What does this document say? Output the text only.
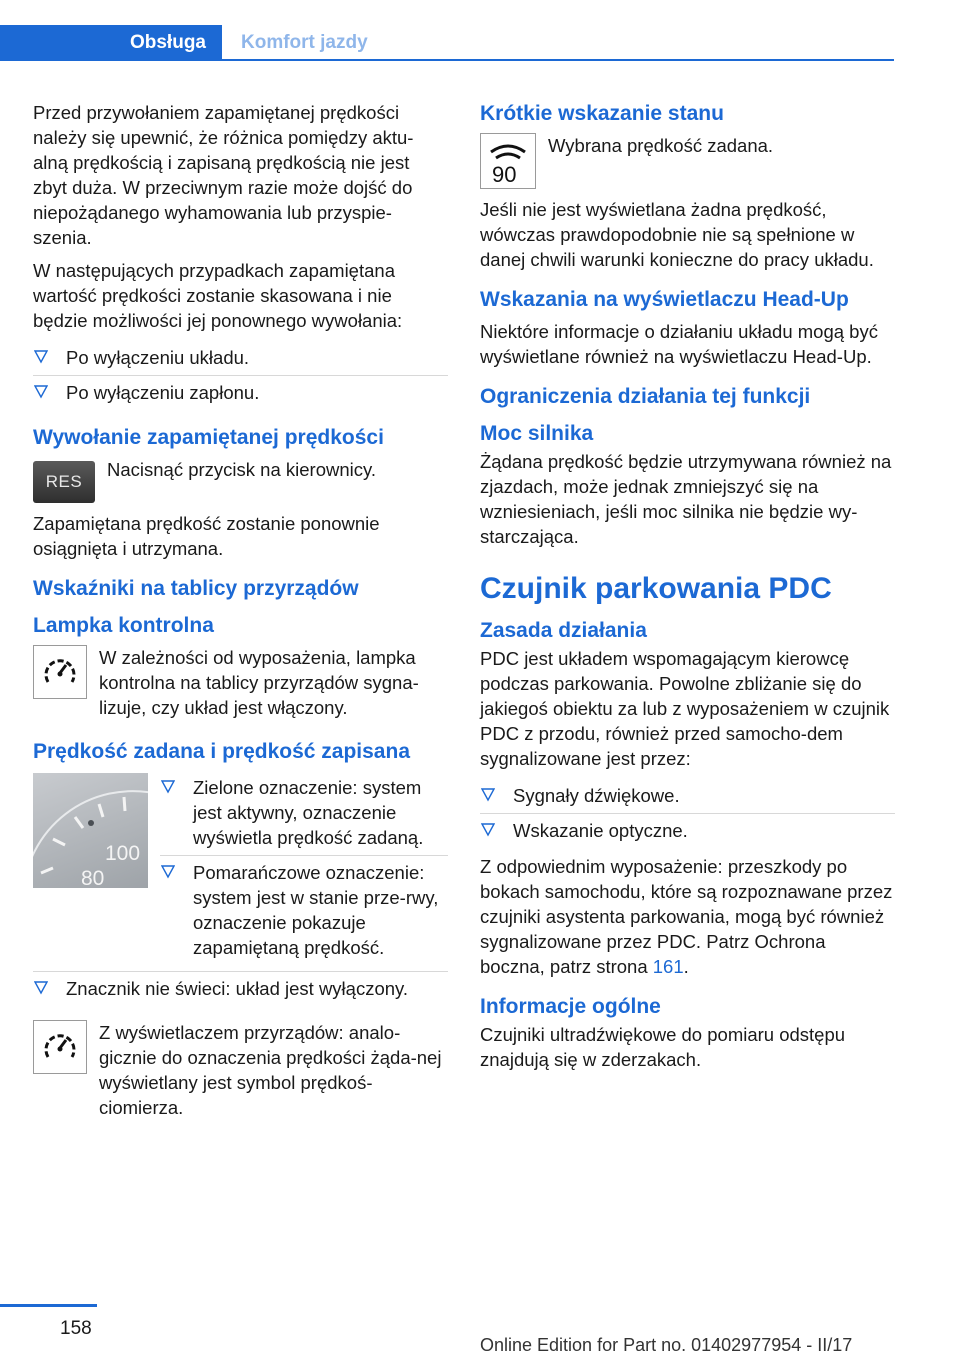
Obsługa	Komfort jazdy

Przed przywołaniem zapamiętanej prędkości należy się upewnić, że różnica pomiędzy aktu-alną prędkością i zapisaną prędkością nie jest zbyt duża. W przeciwnym razie może dojść do niepożądanego wyhamowania lub przyspie-szenia.

W następujących przypadkach zapamiętana wartość prędkości zostanie skasowana i nie będzie możliwości jej ponownego wywołania:

Po wyłączeniu układu.
Po wyłączeniu zapłonu.
Wywołanie zapamiętanej prędkości
RES

Nacisnąć przycisk na kierownicy.

Zapamiętana prędkość zostanie ponownie osiągnięta i utrzymana.

Wskaźniki na tablicy przyrządów
Lampka kontrolna

W zależności od wyposażenia, lampka kontrolna na tablicy przyrządów sygna-lizuje, czy układ jest włączony.

Prędkość zadana i prędkość zapisana
100
80
Zielone oznaczenie: system jest aktywny, oznaczenie wyświetla prędkość zadaną.
Pomarańczowe oznaczenie: system jest w stanie prze-rwy, oznaczenie pokazuje zapamiętaną prędkość.
Znacznik nie świeci: układ jest wyłączony.

Z wyświetlaczem przyrządów: analo-gicznie do oznaczenia prędkości żąda-nej wyświetlany jest symbol prędkoś-ciomierza.

Krótkie wskazanie stanu
90

Wybrana prędkość zadana.

Jeśli nie jest wyświetlana żadna prędkość, wówczas prawdopodobnie nie są spełnione w danej chwili warunki konieczne do pracy układu.

Wskazania na wyświetlaczu Head-Up

Niektóre informacje o działaniu układu mogą być wyświetlane również na wyświetlaczu Head-Up.

Ograniczenia działania tej funkcji
Moc silnika

Żądana prędkość będzie utrzymywana również na zjazdach, może jednak zmniejszyć się na wzniesieniach, jeśli moc silnika nie będzie wy-starczająca.

Czujnik parkowania PDC
Zasada działania

PDC jest układem wspomagającym kierowcę podczas parkowania. Powolne zbliżanie się do jakiegoś obiektu za lub z wyposażeniem w czujnik PDC z przodu, również przed samocho-dem sygnalizowane jest przez:

Sygnały dźwiękowe.
Wskazanie optyczne.

Z odpowiednim wyposażenie: przeszkody po bokach samochodu, które są rozpoznawane przez czujniki asystenta parkowania, mogą być również sygnalizowane przez PDC. Patrz Ochrona boczna, patrz strona 161.

Informacje ogólne

Czujniki ultradźwiękowe do pomiaru odstępu znajdują się w zderzakach.

158
Online Edition for Part no. 01402977954 - II/17
